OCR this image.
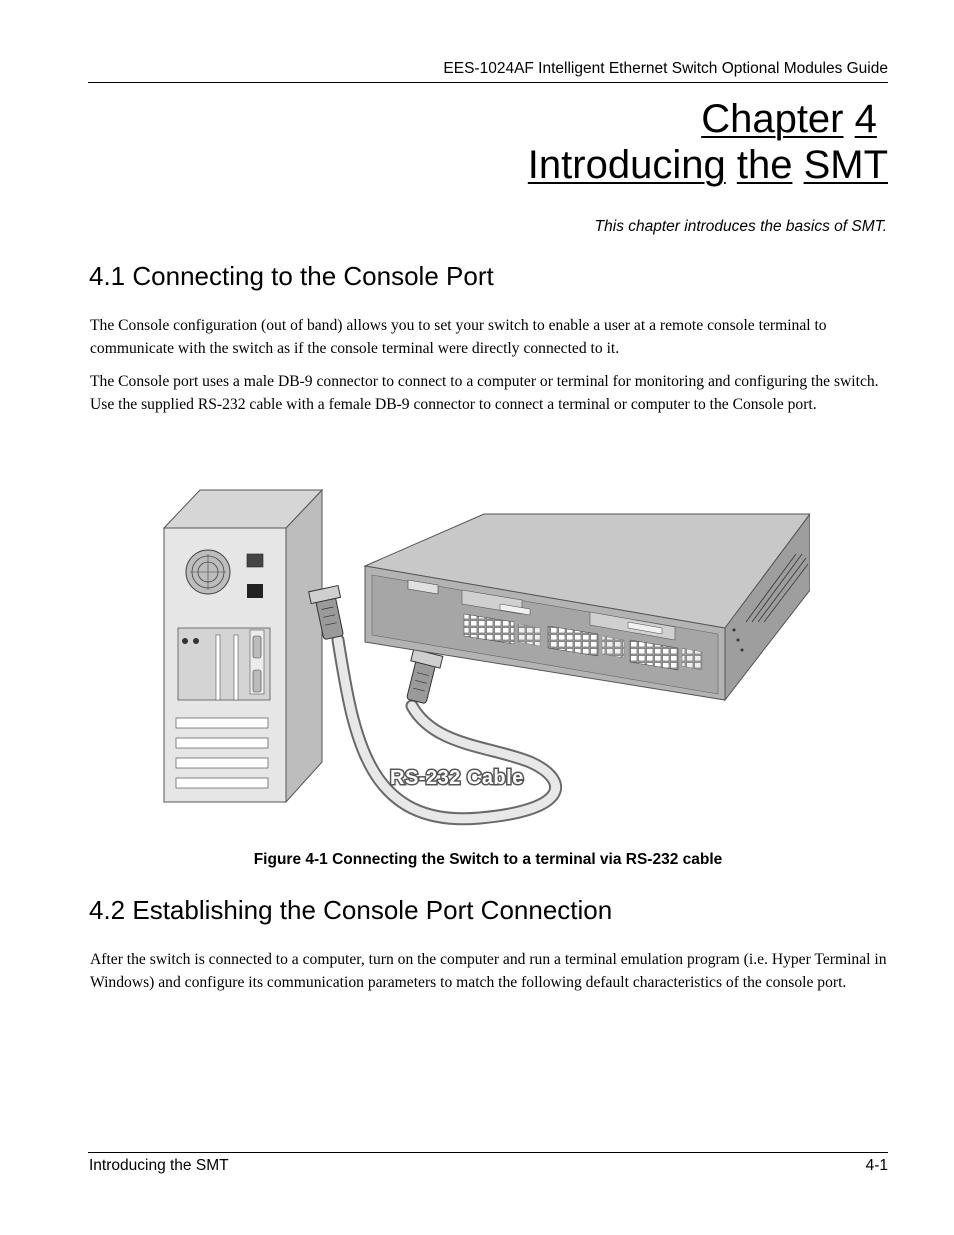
EES-1024AF Intelligent Ethernet Switch Optional Modules Guide
Chapter 4
Introducing the SMT
This chapter introduces the basics of SMT.
4.1 Connecting to the Console Port

The Console configuration (out of band) allows you to set your switch to enable a user at a remote console terminal to communicate with the switch as if the console terminal were directly connected to it.

The Console port uses a male DB-9 connector to connect to a computer or terminal for monitoring and configuring the switch. Use the supplied RS-232 cable with a female DB-9 connector to connect a terminal or computer to the Console port.

RS-232 Cable
Figure 4-1 Connecting the Switch to a terminal via RS-232 cable
4.2 Establishing the Console Port Connection

After the switch is connected to a computer, turn on the computer and run a terminal emulation program (i.e. Hyper Terminal in Windows) and configure its communication parameters to match the following default characteristics of the console port.

Introducing the SMT	4-1
